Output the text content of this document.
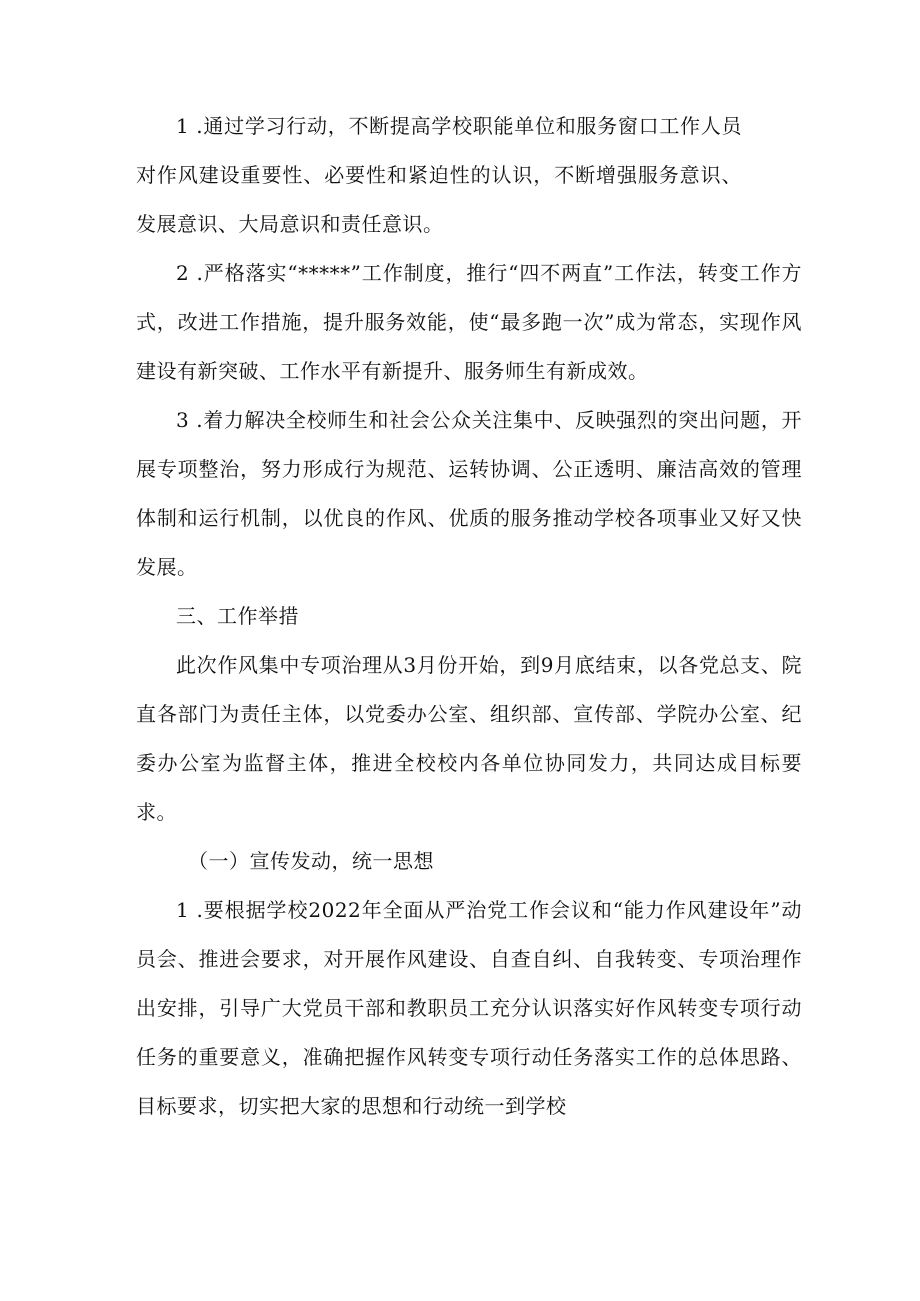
1 .通过学习行动，不断提高学校职能单位和服务窗口工作人员对作风建设重要性、必要性和紧迫性的认识，不断增强服务意识、发展意识、大局意识和责任意识。

2 .严格落实“*****”工作制度，推行“四不两直”工作法，转变工作方式，改进工作措施，提升服务效能，使“最多跑一次”成为常态，实现作风建设有新突破、工作水平有新提升、服务师生有新成效。

3 .着力解决全校师生和社会公众关注集中、反映强烈的突出问题，开展专项整治，努力形成行为规范、运转协调、公正透明、廉洁高效的管理体制和运行机制，以优良的作风、优质的服务推动学校各项事业又好又快发展。

三、工作举措

此次作风集中专项治理从3月份开始，到9月底结束，以各党总支、院直各部门为责任主体，以党委办公室、组织部、宣传部、学院办公室、纪委办公室为监督主体，推进全校校内各单位协同发力，共同达成目标要求。

（一）宣传发动，统一思想

1 .要根据学校2022年全面从严治党工作会议和“能力作风建设年”动员会、推进会要求，对开展作风建设、自查自纠、自我转变、专项治理作出安排，引导广大党员干部和教职员工充分认识落实好作风转变专项行动任务的重要意义，准确把握作风转变专项行动任务落实工作的总体思路、目标要求，切实把大家的思想和行动统一到学校
